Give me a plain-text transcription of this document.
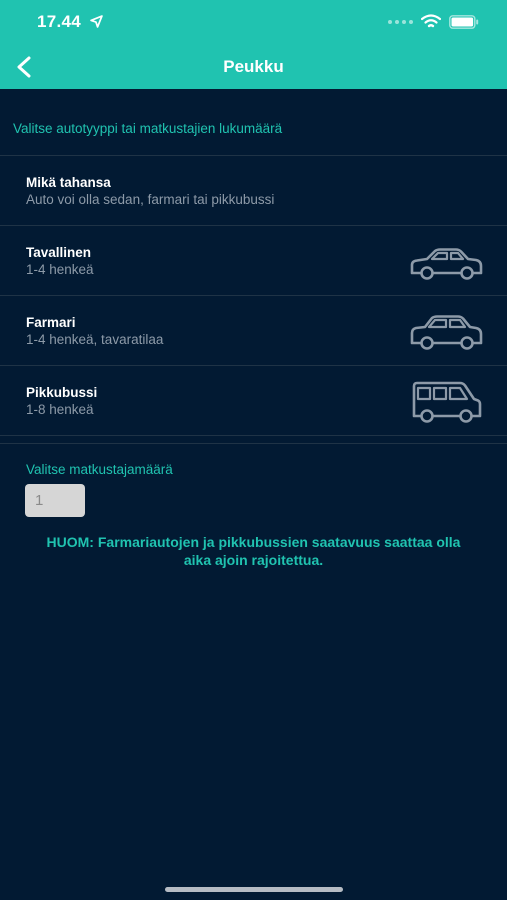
17.44
Peukku
Valitse autotyyppi tai matkustajien lukumäärä
Mikä tahansa
Auto voi olla sedan, farmari tai pikkubussi
Tavallinen
1-4 henkeä
Farmari
1-4 henkeä, tavaratilaa
Pikkubussi
1-8 henkeä
Valitse matkustajamäärä
1
HUOM: Farmariautojen ja pikkubussien saatavuus saattaa olla aika ajoin rajoitettua.
